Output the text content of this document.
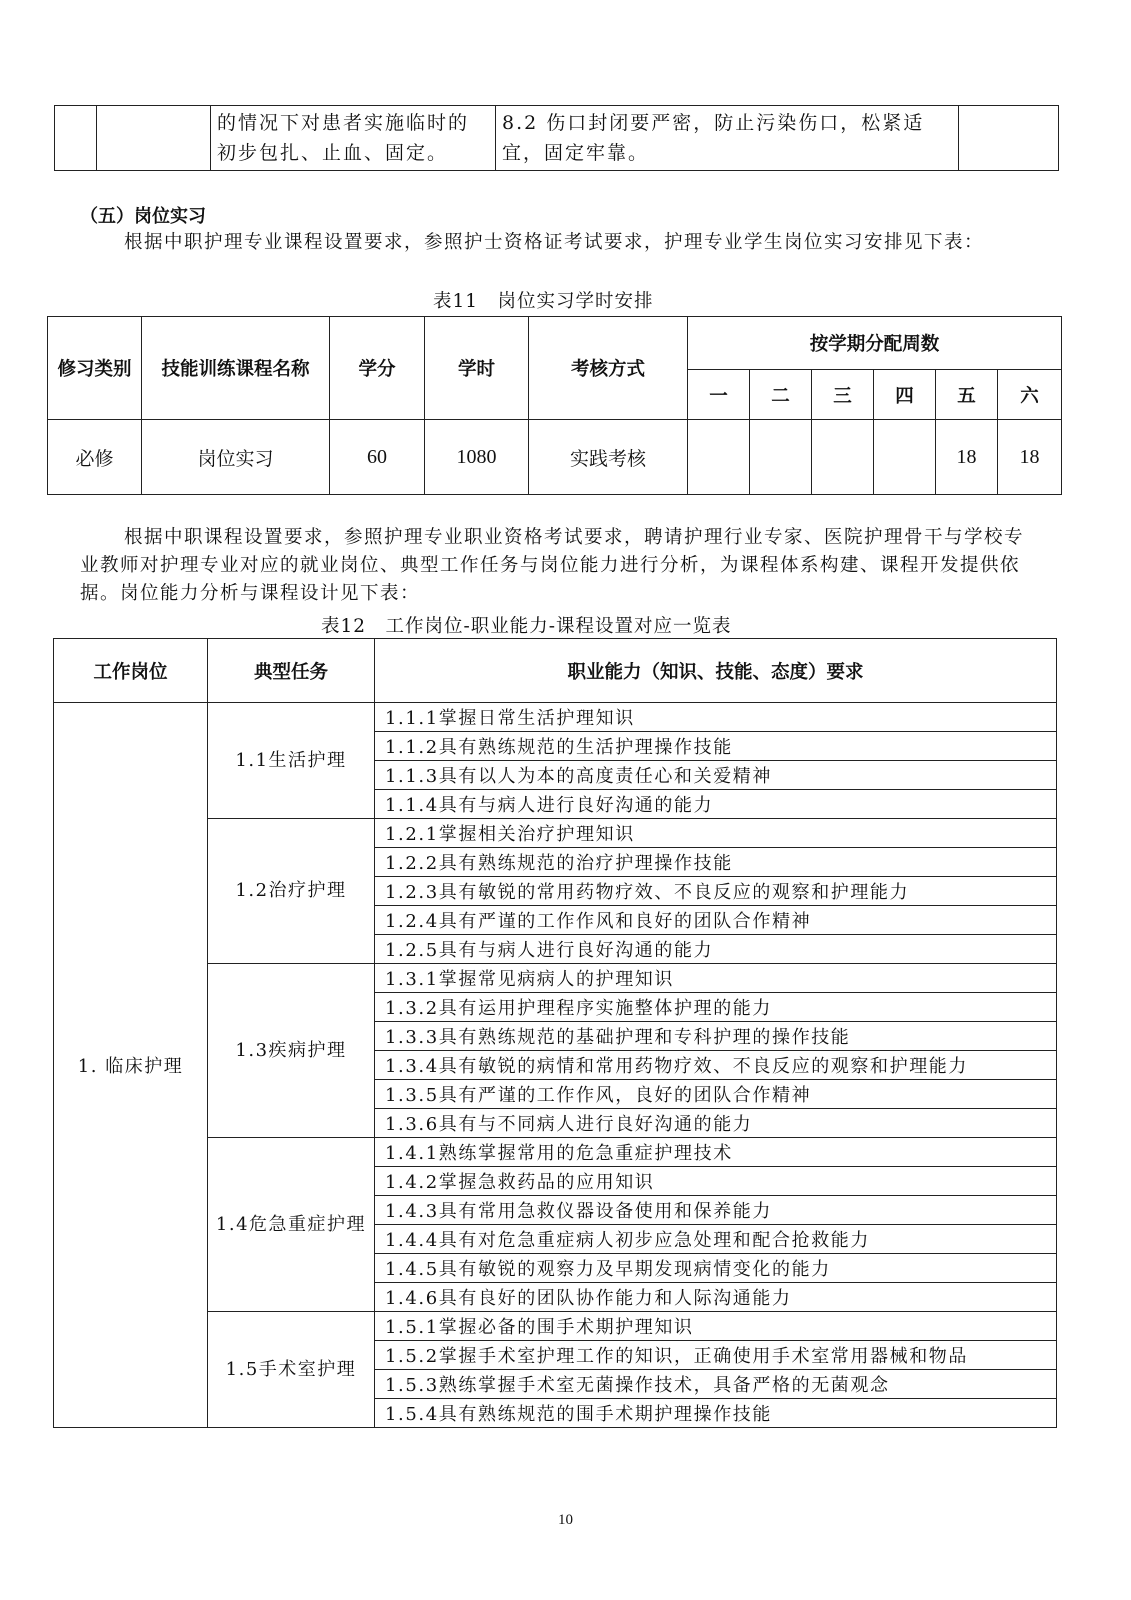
		的情况下对患者实施临时的初步包扎、止血、固定。	8.2 伤口封闭要严密，防止污染伤口，松紧适宜，固定牢靠。	
（五）岗位实习
根据中职护理专业课程设置要求，参照护士资格证考试要求，护理专业学生岗位实习安排见下表：
表11　岗位实习学时安排
修习类别	技能训练课程名称	学分	学时	考核方式	按学期分配周数					
					一	二	三	四	五	六
必修	岗位实习	60	1080	实践考核					18	18
根据中职课程设置要求，参照护理专业职业资格考试要求，聘请护理行业专家、医院护理骨干与学校专业教师对护理专业对应的就业岗位、典型工作任务与岗位能力进行分析，为课程体系构建、课程开发提供依据。岗位能力分析与课程设计见下表：
表12　工作岗位-职业能力-课程设置对应一览表
工作岗位	典型任务	职业能力（知识、技能、态度）要求
1. 临床护理	1.1生活护理	1.1.1掌握日常生活护理知识
		1.1.2具有熟练规范的生活护理操作技能
		1.1.3具有以人为本的高度责任心和关爱精神
		1.1.4具有与病人进行良好沟通的能力
	1.2治疗护理	1.2.1掌握相关治疗护理知识
		1.2.2具有熟练规范的治疗护理操作技能
		1.2.3具有敏锐的常用药物疗效、不良反应的观察和护理能力
		1.2.4具有严谨的工作作风和良好的团队合作精神
		1.2.5具有与病人进行良好沟通的能力
	1.3疾病护理	1.3.1掌握常见病病人的护理知识
		1.3.2具有运用护理程序实施整体护理的能力
		1.3.3具有熟练规范的基础护理和专科护理的操作技能
		1.3.4具有敏锐的病情和常用药物疗效、不良反应的观察和护理能力
		1.3.5具有严谨的工作作风，良好的团队合作精神
		1.3.6具有与不同病人进行良好沟通的能力
	1.4危急重症护理	1.4.1熟练掌握常用的危急重症护理技术
		1.4.2掌握急救药品的应用知识
		1.4.3具有常用急救仪器设备使用和保养能力
		1.4.4具有对危急重症病人初步应急处理和配合抢救能力
		1.4.5具有敏锐的观察力及早期发现病情变化的能力
		1.4.6具有良好的团队协作能力和人际沟通能力
	1.5手术室护理	1.5.1掌握必备的围手术期护理知识
		1.5.2掌握手术室护理工作的知识，正确使用手术室常用器械和物品
		1.5.3熟练掌握手术室无菌操作技术，具备严格的无菌观念
		1.5.4具有熟练规范的围手术期护理操作技能
10
